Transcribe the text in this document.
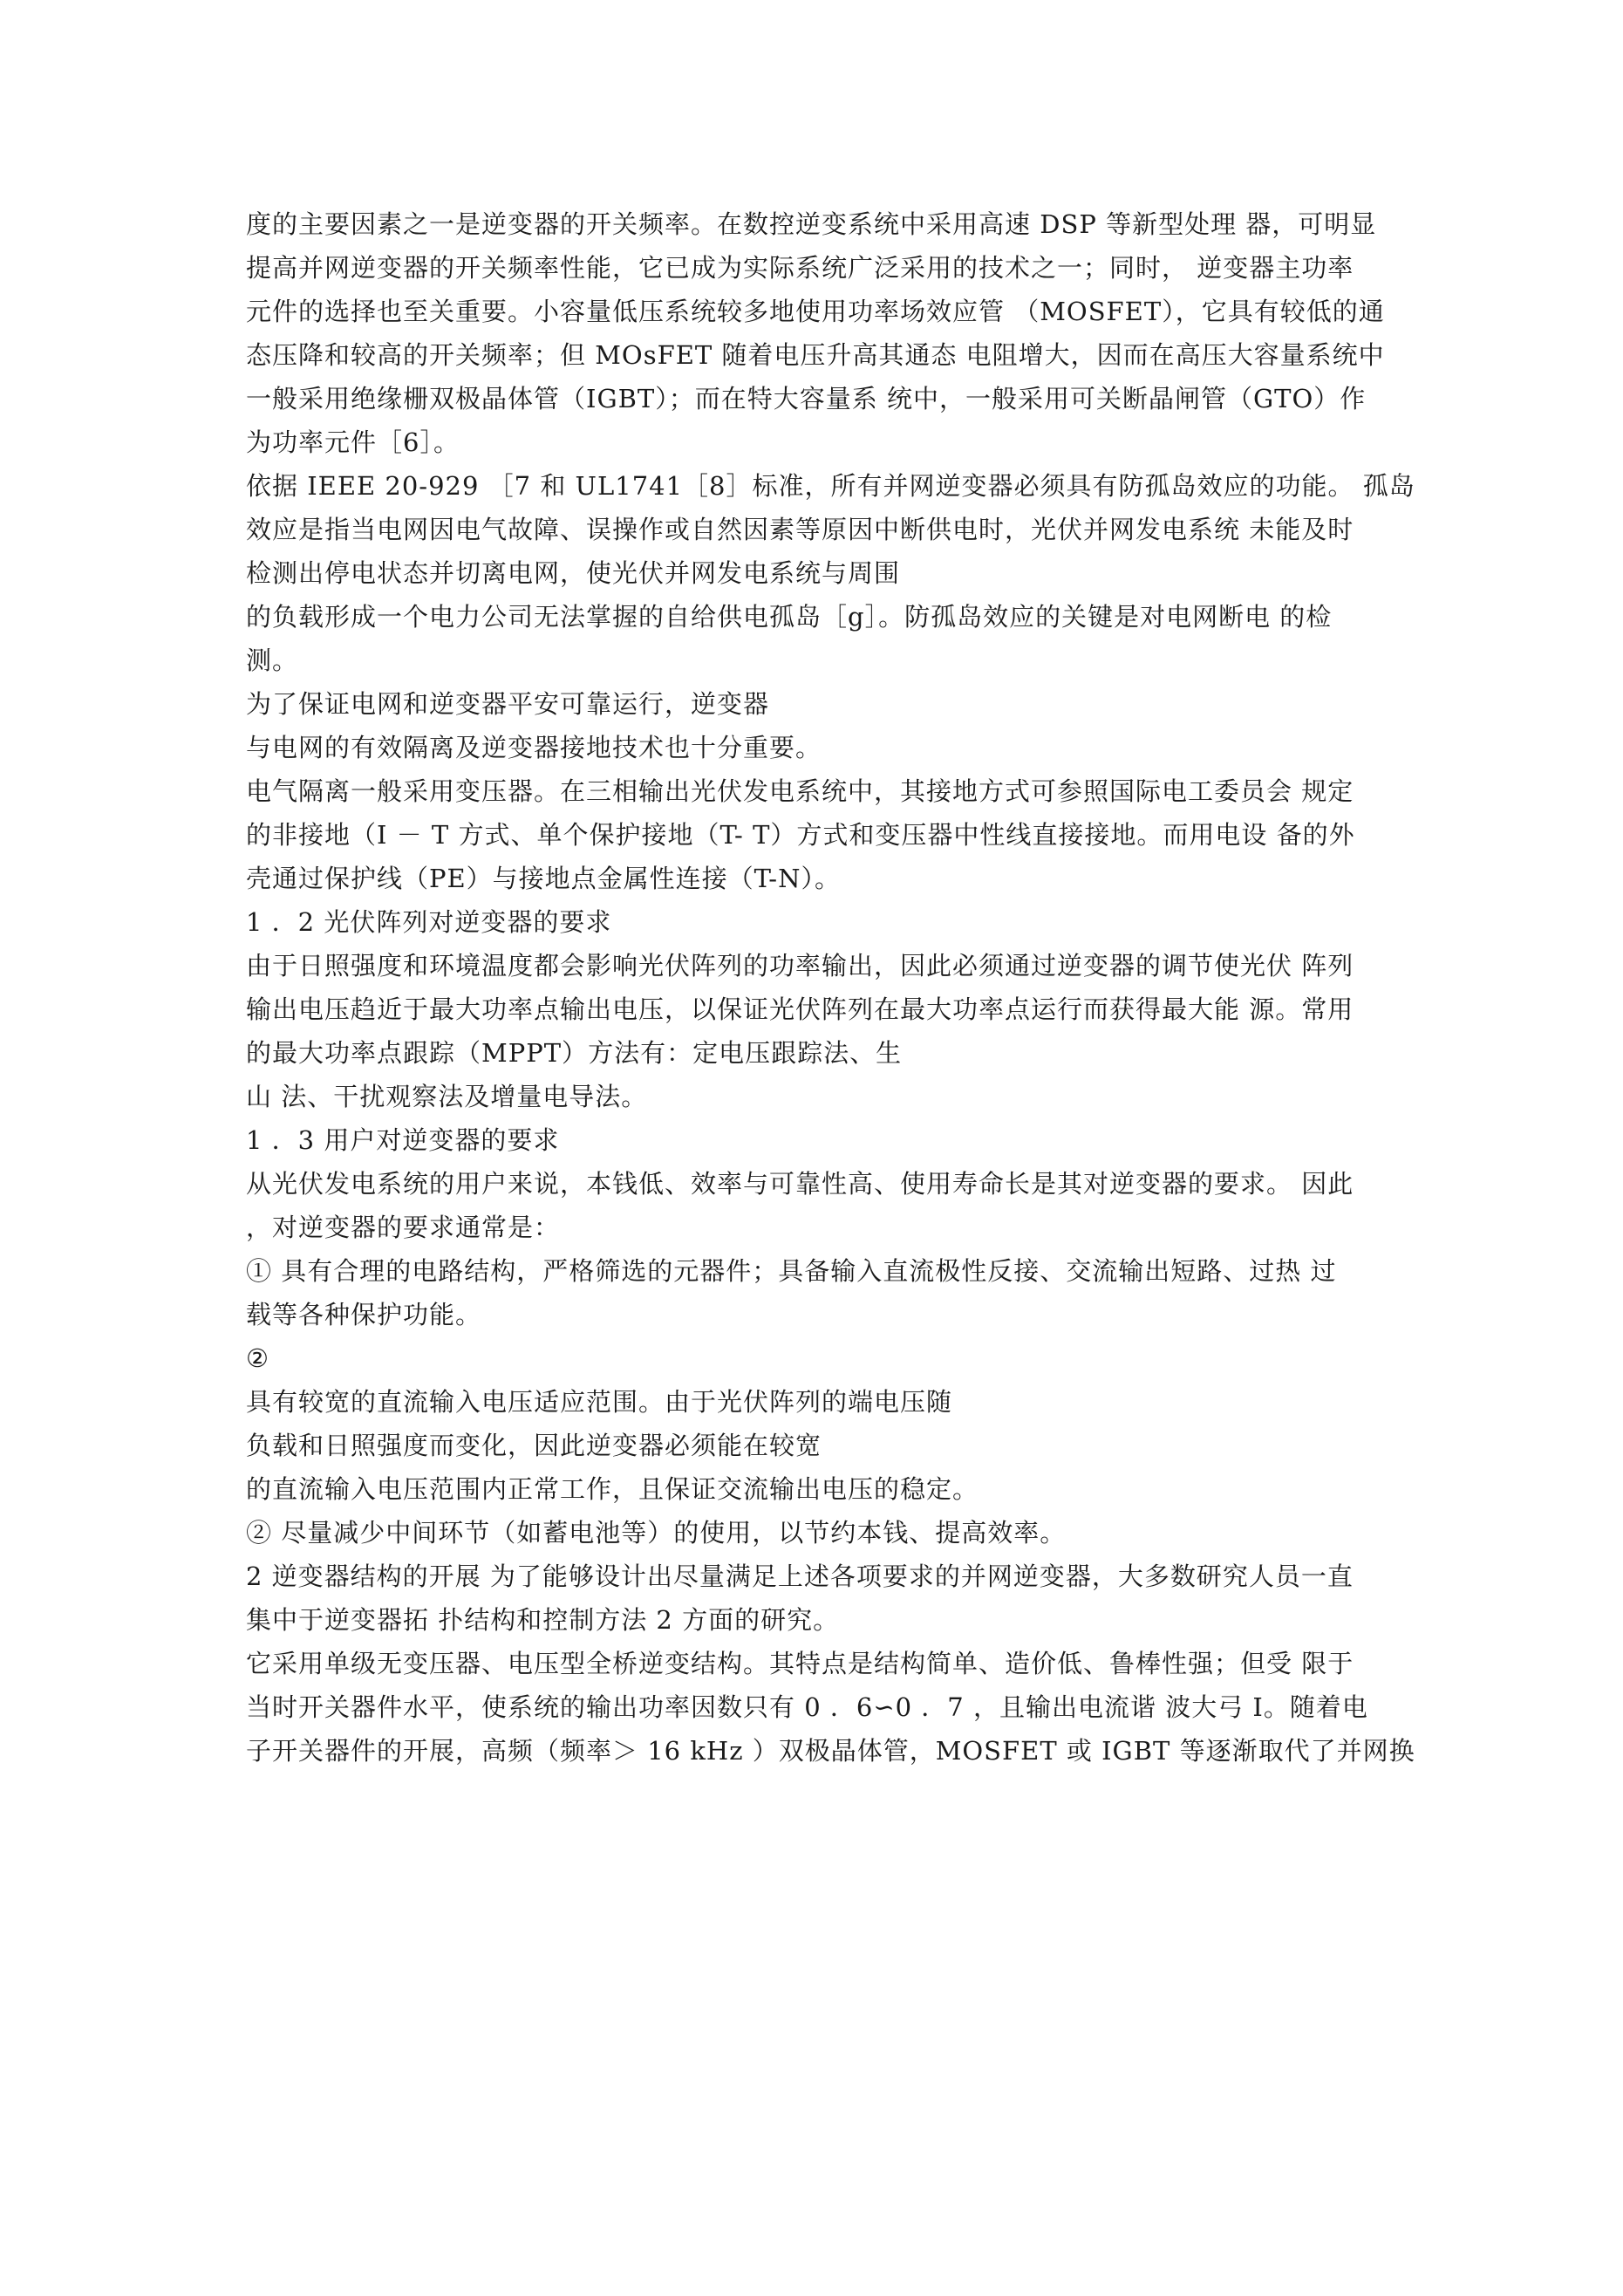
度的主要因素之一是逆变器的开关频率。在数控逆变系统中采用高速 DSP 等新型处理 器，可明显
提高并网逆变器的开关频率性能，它已成为实际系统广泛采用的技术之一；同时， 逆变器主功率
元件的选择也至关重要。小容量低压系统较多地使用功率场效应管 （MOSFET），它具有较低的通
态压降和较高的开关频率；但 MOsFET 随着电压升高其通态 电阻增大，因而在高压大容量系统中
一般采用绝缘栅双极晶体管（IGBT）；而在特大容量系 统中，一般采用可关断晶闸管（GTO）作
为功率元件［6］。
依据 IEEE 20-929 ［7 和 UL1741［8］标准，所有并网逆变器必须具有防孤岛效应的功能。 孤岛
效应是指当电网因电气故障、误操作或自然因素等原因中断供电时，光伏并网发电系统 未能及时
检测出停电状态并切离电网，使光伏并网发电系统与周围
的负载形成一个电力公司无法掌握的自给供电孤岛［g］。防孤岛效应的关键是对电网断电 的检
测。
为了保证电网和逆变器平安可靠运行，逆变器
与电网的有效隔离及逆变器接地技术也十分重要。
电气隔离一般采用变压器。在三相输出光伏发电系统中，其接地方式可参照国际电工委员会 规定
的非接地（I － T 方式、单个保护接地（T- T）方式和变压器中性线直接接地。而用电设 备的外
壳通过保护线（PE）与接地点金属性连接（T-N）。
1 ．2 光伏阵列对逆变器的要求
由于日照强度和环境温度都会影响光伏阵列的功率输出，因此必须通过逆变器的调节使光伏 阵列
输出电压趋近于最大功率点输出电压，以保证光伏阵列在最大功率点运行而获得最大能 源。常用
的最大功率点跟踪（MPPT）方法有：定电压跟踪法、生
山 法、干扰观察法及增量电导法。
1 ．3 用户对逆变器的要求
从光伏发电系统的用户来说，本钱低、效率与可靠性高、使用寿命长是其对逆变器的要求。 因此
，对逆变器的要求通常是：
① 具有合理的电路结构，严格筛选的元器件；具备输入直流极性反接、交流输出短路、过热 过
载等各种保护功能。
②
具有较宽的直流输入电压适应范围。由于光伏阵列的端电压随
负载和日照强度而变化，因此逆变器必须能在较宽
的直流输入电压范围内正常工作，且保证交流输出电压的稳定。
② 尽量减少中间环节（如蓄电池等）的使用，以节约本钱、提高效率。
2 逆变器结构的开展 为了能够设计出尽量满足上述各项要求的并网逆变器，大多数研究人员一直
集中于逆变器拓 扑结构和控制方法 2 方面的研究。
它采用单级无变压器、电压型全桥逆变结构。其特点是结构简单、造价低、鲁棒性强；但受 限于
当时开关器件水平，使系统的输出功率因数只有 0 ．6∽0 ．7 ，且输出电流谐 波大弓 I。随着电
子开关器件的开展，高频（频率＞ 16 kHz ）双极晶体管，MOSFET 或 IGBT 等逐渐取代了并网换
